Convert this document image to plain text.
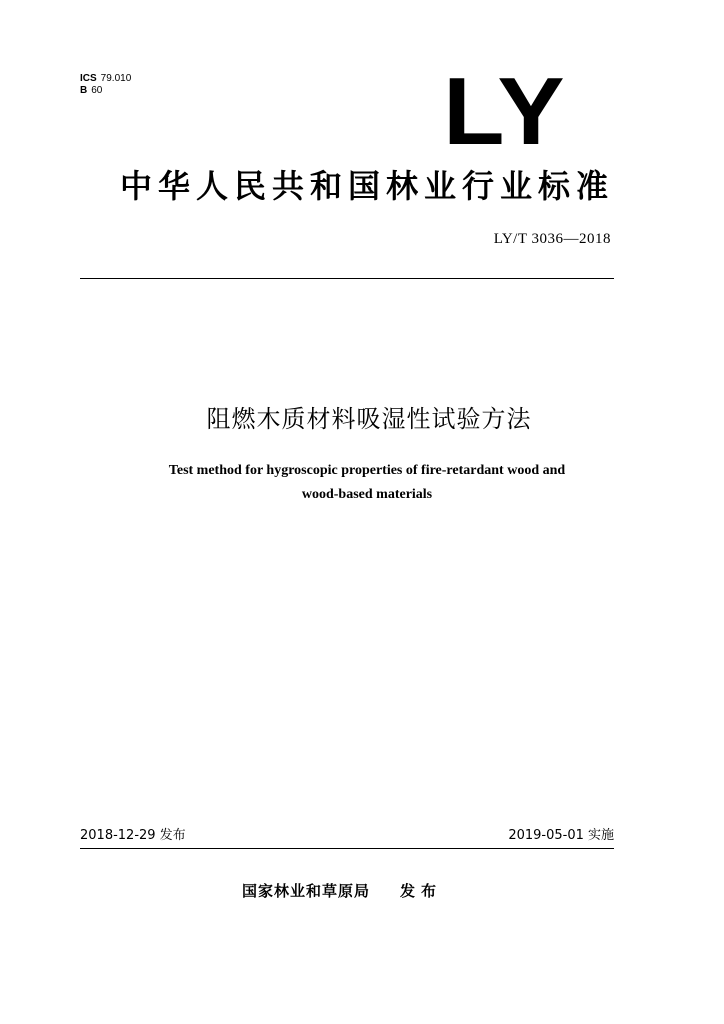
ICS 79.010
B 60	LY
中华人民共和国林业行业标准
LY/T 3036—2018
阻燃木质材料吸湿性试验方法
Test method for hygroscopic properties of fire-retardant wood and
wood-based materials
2018-12-29 发布	2019-05-01 实施
国家林业和草原局 发布
